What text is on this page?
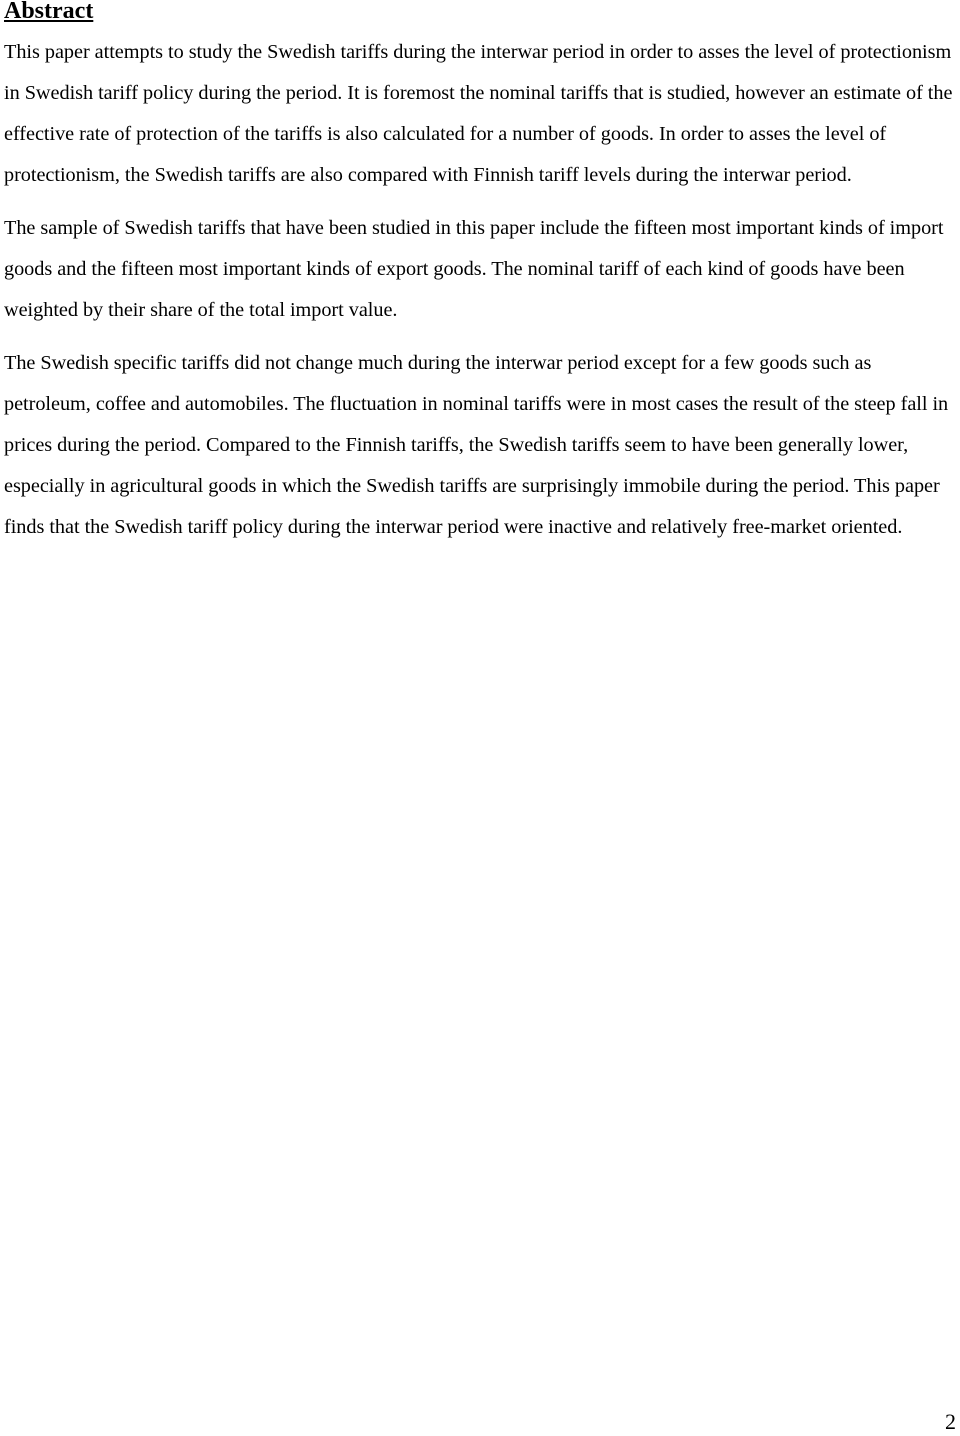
Abstract

This paper attempts to study the Swedish tariffs during the interwar period in order to asses the level of protectionism in Swedish tariff policy during the period. It is foremost the nominal tariffs that is studied, however an estimate of the effective rate of protection of the tariffs is also calculated for a number of goods. In order to asses the level of protectionism, the Swedish tariffs are also compared with Finnish tariff levels during the interwar period.

The sample of Swedish tariffs that have been studied in this paper include the fifteen most important kinds of import goods and the fifteen most important kinds of export goods. The nominal tariff of each kind of goods have been weighted by their share of the total import value.

The Swedish specific tariffs did not change much during the interwar period except for a few goods such as petroleum, coffee and automobiles. The fluctuation in nominal tariffs were in most cases the result of the steep fall in prices during the period. Compared to the Finnish tariffs, the Swedish tariffs seem to have been generally lower, especially in agricultural goods in which the Swedish tariffs are surprisingly immobile during the period. This paper finds that the Swedish tariff policy during the interwar period were inactive and relatively free-market oriented.

2
